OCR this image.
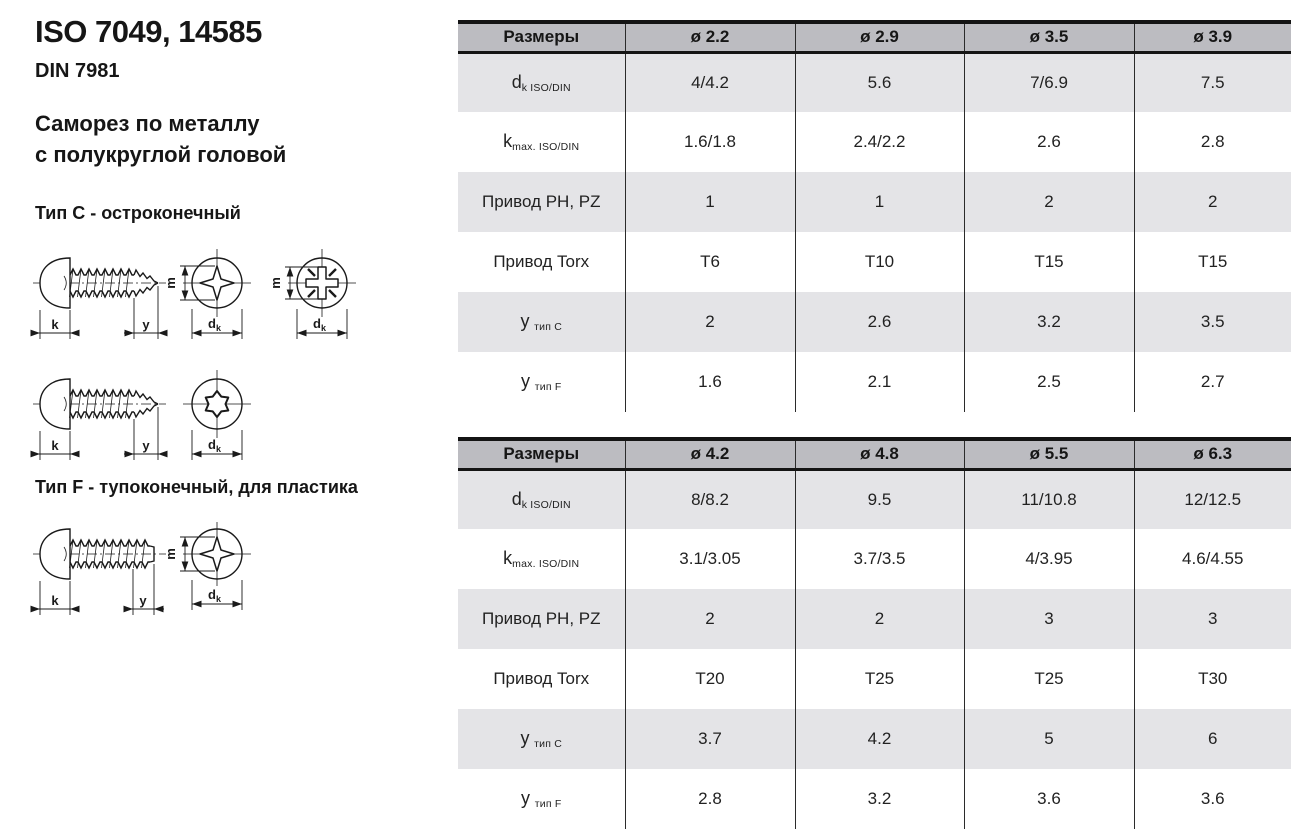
ISO 7049, 14585
DIN 7981
Саморез по металлу
с полукруглой головой
Тип C - остроконечный
Тип F - тупоконечный, для пластика
k	y
m
d k
m
d k
k	y	d k
k	y
m
d k
Размеры	ø 2.2	ø 2.9	ø 3.5	ø 3.9
$d_{k ISO/DIN}$	4/4.2	5.6	7/6.9	7.5
$k_{max. ISO/DIN}$	1.6/1.8	2.4/2.2	2.6	2.8
Привод PH, PZ	1	1	2	2
Привод Torx	T6	T10	T15	T15
у $_{тип C}$	2	2.6	3.2	3.5
у $_{тип F}$	1.6	2.1	2.5	2.7
Размеры	ø 4.2	ø 4.8	ø 5.5	ø 6.3
$d_{k ISO/DIN}$	8/8.2	9.5	11/10.8	12/12.5
$k_{max. ISO/DIN}$	3.1/3.05	3.7/3.5	4/3.95	4.6/4.55
Привод PH, PZ	2	2	3	3
Привод Torx	T20	T25	T25	T30
у $_{тип C}$	3.7	4.2	5	6
у $_{тип F}$	2.8	3.2	3.6	3.6
